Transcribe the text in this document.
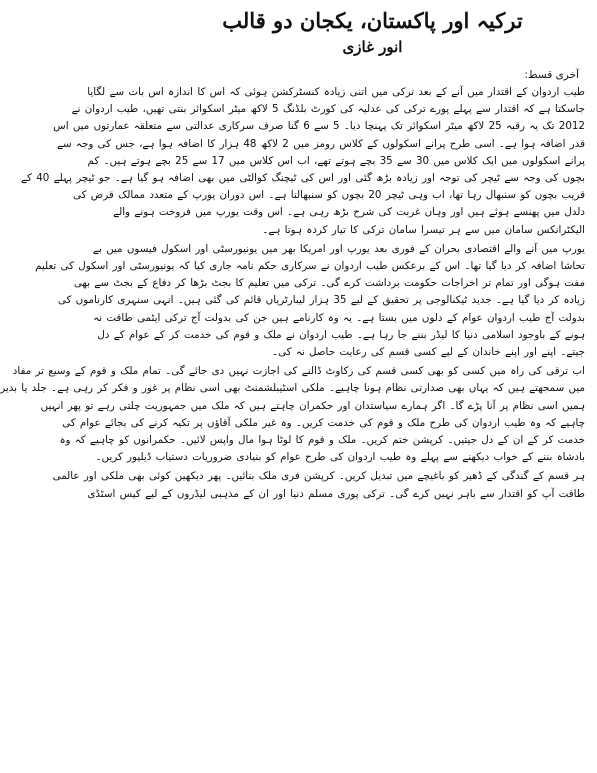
ترکیہ اور پاکستان، یکجان دو قالب
انور غازی
آخری قسط:
طیب اردوان کے اقتدار میں آنے کے بعد ترکی میں اتنی زیادہ کنسٹرکشن ہوئی کہ اس کا اندازہ اس بات سے لگایا
جاسکتا ہے کہ اقتدار سے پہلے پورے ترکی کی عدلیہ کی کورٹ بلڈنگ 5 لاکھ میٹر اسکوائر بنتی تھیں، طیب اردوان نے
2012 تک یہ رقبہ 25 لاکھ میٹر اسکوائر تک پہنچا دیا۔ 5 سے 6 گنا صرف سرکاری عدالتی سے متعلقہ عمارتوں میں اس
قدر اضافہ ہوا ہے۔ اسی طرح پرانے اسکولوں کے کلاس رومز میں 2 لاکھ 48 ہزار کا اضافہ ہوا ہے، جس کی وجہ سے
پرانے اسکولوں میں ایک کلاس میں 30 سے 35 بچے ہوتے تھے، اب اس کلاس میں 17 سے 25 بچے ہوتے ہیں۔ کم
بچوں کی وجہ سے ٹیچر کی توجہ اور زیادہ بڑھ گئی اور اس کی ٹیچنگ کوالٹی میں بھی اضافہ ہو گیا ہے۔ جو ٹیچر پہلے 40 کے
قریب بچوں کو سنبھال رہا تھا، اب وہی ٹیچر 20 بچوں کو سنبھالتا ہے۔ اس دوران یورپ کے متعدد ممالک قرض کی
دلدل میں پھنسے ہوئے ہیں اور وہاں غربت کی شرح بڑھ رہی ہے۔ اس وقت یورپ میں فروخت ہونے والے
الیکٹرانکس سامان میں سے ہر تیسرا سامان ترکی کا تیار کردہ ہوتا ہے۔
یورپ میں آنے والے اقتصادی بحران کے فوری بعد یورپ اور امریکا بھر میں یونیورسٹی اور اسکول فیسوں میں بے
تحاشا اضافہ کر دیا گیا تھا۔ اس کے برعکس طیب اردوان نے سرکاری حکم نامہ جاری کیا کہ یونیورسٹی اور اسکول کی تعلیم
مفت ہوگی اور تمام تر اخراجات حکومت برداشت کرے گی۔ ترکی میں تعلیم کا بجٹ بڑھا کر دفاع کے بجٹ سے بھی
زیادہ کر دیا گیا ہے۔ جدید ٹیکنالوجی پر تحقیق کے لیے 35 ہزار لیبارٹریاں قائم کی گئی ہیں۔ انہی سنہری کارناموں کی
بدولت آج طیب اردوان عوام کے دلوں میں بستا ہے۔ یہ وہ کارنامے ہیں جن کی بدولت آج ترکی ایٹمی طاقت نہ
ہونے کے باوجود اسلامی دنیا کا لیڈر بننے جا رہا ہے۔ طیب اردوان نے ملک و قوم کی خدمت کر کے عوام کے دل
جیتے۔ اپنے اور اپنے خاندان کے لیے کسی قسم کی رعایت حاصل نہ کی۔
اب ترقی کی راہ میں کسی کو بھی کسی قسم کی رکاوٹ ڈالنے کی اجازت نہیں دی جائے گی۔ تمام ملک و قوم کے وسیع تر مفاد
میں سمجھتے ہیں کہ یہاں بھی صدارتی نظام ہونا چاہیے۔ ملکی اسٹیبلشمنٹ بھی اسی نظام پر غور و فکر کر رہی ہے۔ جلد یا بدیر
ہمیں اسی نظام پر آنا پڑے گا۔ اگر ہمارے سیاستدان اور حکمران چاہتے ہیں کہ ملک میں جمہوریت چلتی رہے تو پھر انہیں
چاہیے کہ وہ طیب اردوان کی طرح ملک و قوم کی خدمت کریں۔ وہ غیر ملکی آقاؤں پر تکیہ کرنے کی بجائے عوام کی
خدمت کر کے ان کے دل جیتیں۔ کرپشن ختم کریں۔ ملک و قوم کا لوٹا ہوا مال واپس لائیں۔ حکمرانوں کو چاہیے کہ وہ
بادشاہ بننے کے خواب دیکھنے سے پہلے وہ طیب اردوان کی طرح عوام کو بنیادی ضروریات دستیاب ڈیلیور کریں۔
ہر قسم کے گندگی کے ڈھیر کو باغیچے میں تبدیل کریں۔ کرپشن فری ملک بنائیں۔ پھر دیکھیں کوئی بھی ملکی اور عالمی
طاقت آپ کو اقتدار سے باہر نہیں کرے گی۔ ترکی پوری مسلم دنیا اور ان کے مذہبی لیڈروں کے لیے کیس اسٹڈی
